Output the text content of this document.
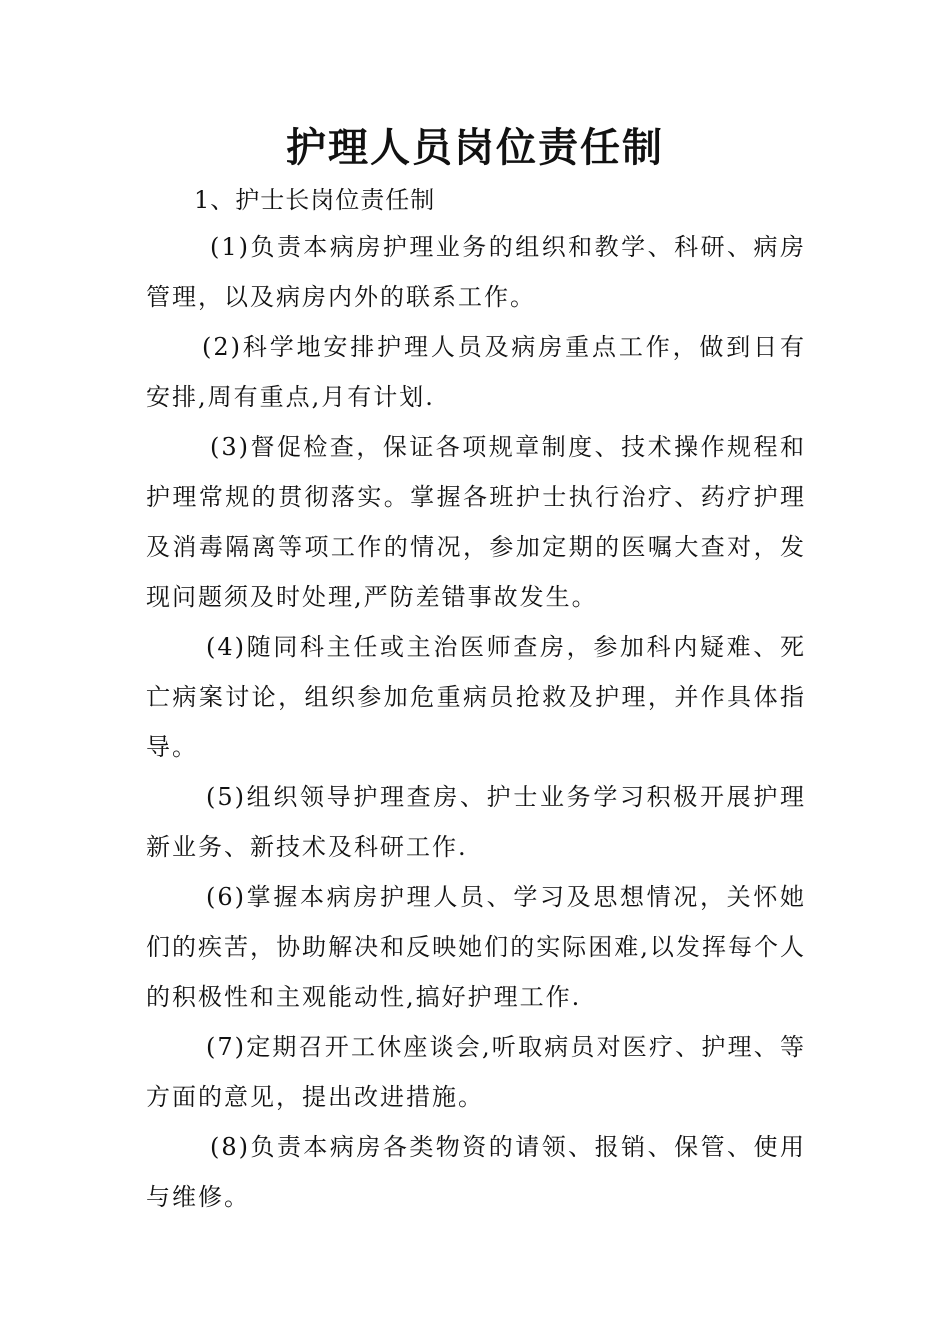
护理人员岗位责任制

1、护士长岗位责任制

(1)负责本病房护理业务的组织和教学、科研、病房管理，以及病房内外的联系工作。

(2)科学地安排护理人员及病房重点工作，做到日有安排,周有重点,月有计划.

(3)督促检查，保证各项规章制度、技术操作规程和护理常规的贯彻落实。掌握各班护士执行治疗、药疗护理及消毒隔离等项工作的情况，参加定期的医嘱大查对，发现问题须及时处理,严防差错事故发生。

(4)随同科主任或主治医师查房，参加科内疑难、死亡病案讨论，组织参加危重病员抢救及护理，并作具体指导。

(5)组织领导护理查房、护士业务学习积极开展护理新业务、新技术及科研工作.

(6)掌握本病房护理人员、学习及思想情况，关怀她们的疾苦，协助解决和反映她们的实际困难,以发挥每个人的积极性和主观能动性,搞好护理工作.

(7)定期召开工休座谈会,听取病员对医疗、护理、等方面的意见，提出改进措施。

(8)负责本病房各类物资的请领、报销、保管、使用与维修。
